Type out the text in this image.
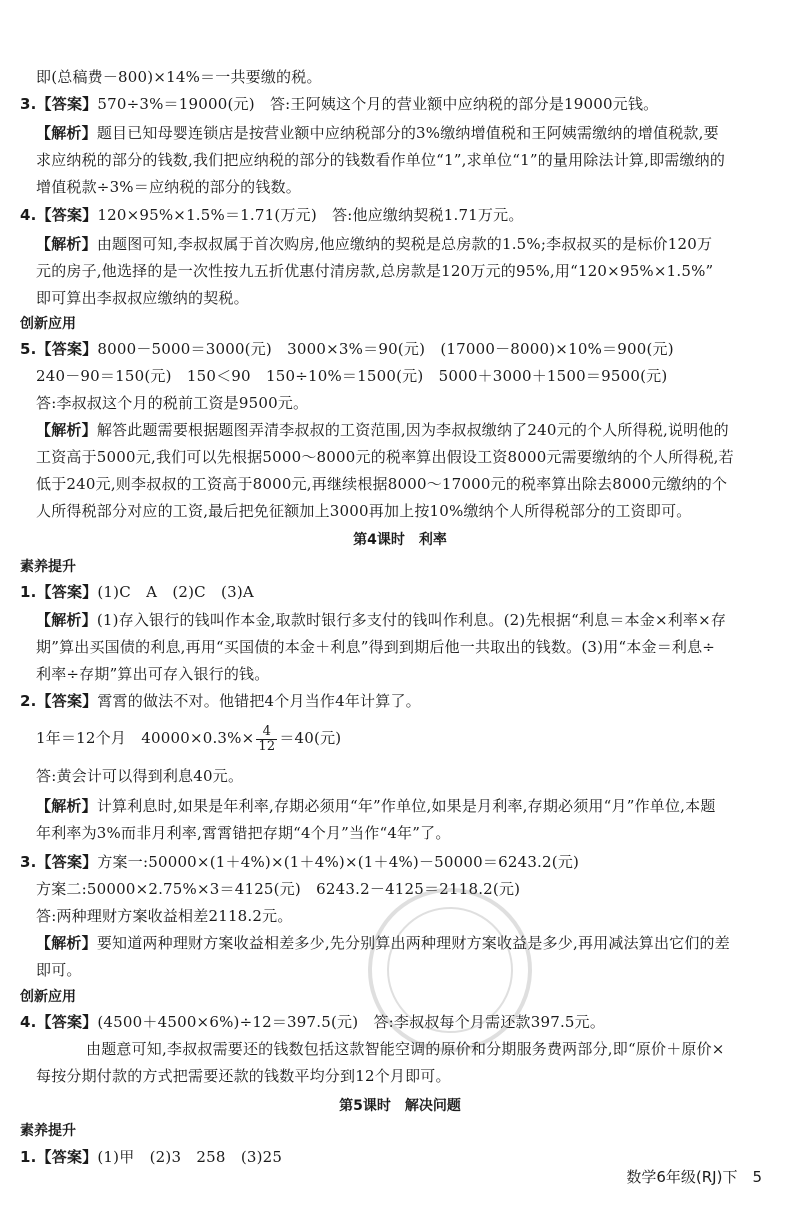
即(总稿费－800)×14%＝一共要缴的税。
3.【答案】570÷3%＝19000(元)　答:王阿姨这个月的营业额中应纳税的部分是19000元钱。
【解析】题目已知母婴连锁店是按营业额中应纳税部分的3%缴纳增值税和王阿姨需缴纳的增值税款,要
求应纳税的部分的钱数,我们把应纳税的部分的钱数看作单位“1”,求单位“1”的量用除法计算,即需缴纳的
增值税款÷3%＝应纳税的部分的钱数。
4.【答案】120×95%×1.5%＝1.71(万元)　答:他应缴纳契税1.71万元。
【解析】由题图可知,李叔叔属于首次购房,他应缴纳的契税是总房款的1.5%;李叔叔买的是标价120万
元的房子,他选择的是一次性按九五折优惠付清房款,总房款是120万元的95%,用“120×95%×1.5%”
即可算出李叔叔应缴纳的契税。
创新应用
5.【答案】8000－5000＝3000(元)　3000×3%＝90(元)　(17000－8000)×10%＝900(元)
240－90＝150(元)　150＜90　150÷10%＝1500(元)　5000＋3000＋1500＝9500(元)
答:李叔叔这个月的税前工资是9500元。
【解析】解答此题需要根据题图弄清李叔叔的工资范围,因为李叔叔缴纳了240元的个人所得税,说明他的
工资高于5000元,我们可以先根据5000～8000元的税率算出假设工资8000元需要缴纳的个人所得税,若
低于240元,则李叔叔的工资高于8000元,再继续根据8000～17000元的税率算出除去8000元缴纳的个
人所得税部分对应的工资,最后把免征额加上3000再加上按10%缴纳个人所得税部分的工资即可。
第4课时　利率
素养提升
1.【答案】(1)C　A　(2)C　(3)A
【解析】(1)存入银行的钱叫作本金,取款时银行多支付的钱叫作利息。(2)先根据“利息＝本金×利率×存
期”算出买国债的利息,再用“买国债的本金＋利息”得到到期后他一共取出的钱数。(3)用“本金＝利息÷
利率÷存期”算出可存入银行的钱。
2.【答案】霄霄的做法不对。他错把4个月当作4年计算了。
1年＝12个月　$40000\times 0.3\%\times \frac{4}{12} =40$(元)
答:黄会计可以得到利息40元。
【解析】计算利息时,如果是年利率,存期必须用“年”作单位,如果是月利率,存期必须用“月”作单位,本题
年利率为3%而非月利率,霄霄错把存期“4个月”当作“4年”了。
3.【答案】方案一:50000×(1＋4%)×(1＋4%)×(1＋4%)－50000＝6243.2(元)
方案二:50000×2.75%×3＝4125(元)　6243.2－4125＝2118.2(元)
答:两种理财方案收益相差2118.2元。
【解析】要知道两种理财方案收益相差多少,先分别算出两种理财方案收益是多少,再用减法算出它们的差
即可。
创新应用
4.【答案】(4500＋4500×6%)÷12＝397.5(元)　答:李叔叔每个月需还款397.5元。
由题意可知,李叔叔需要还的钱数包括这款智能空调的原价和分期服务费两部分,即“原价＋原价×
每按分期付款的方式把需要还款的钱数平均分到12个月即可。
第5课时　解决问题
素养提升
1.【答案】(1)甲　(2)3　258　(3)25
数学6年级(RJ)下　5
